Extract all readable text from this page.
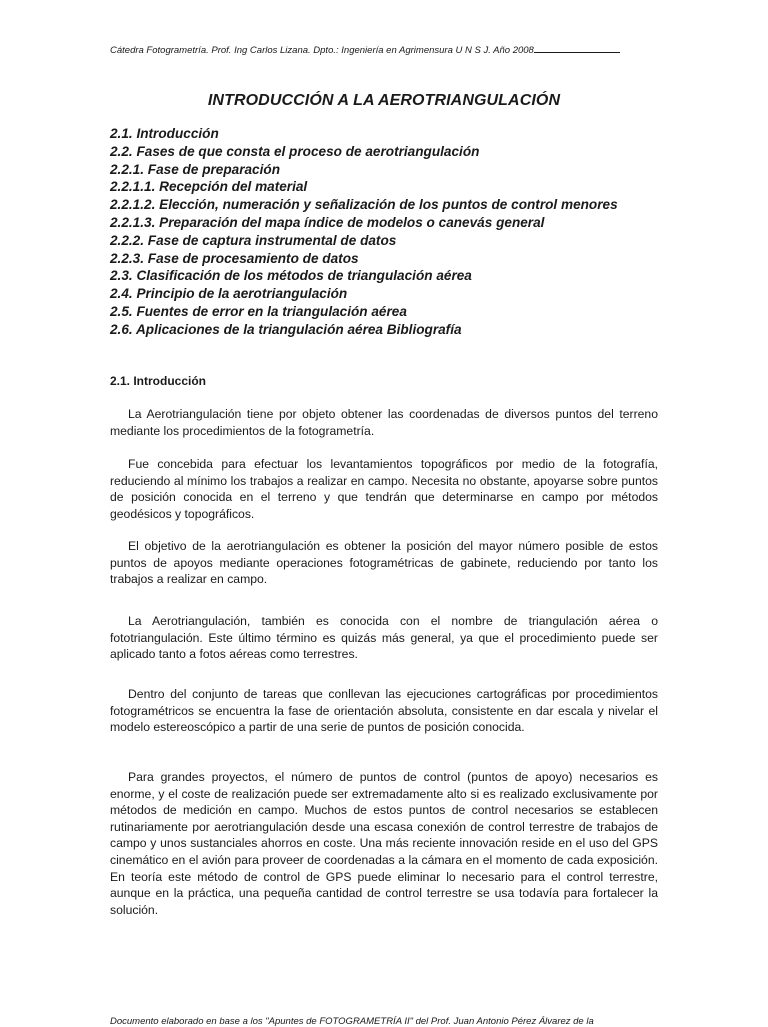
Cátedra Fotogrametría. Prof. Ing Carlos Lizana. Dpto.: Ingeniería en Agrimensura U N S J. Año 2008
INTRODUCCIÓN A LA AEROTRIANGULACIÓN
2.1. Introducción
2.2. Fases de que consta el proceso de aerotriangulación
2.2.1. Fase de preparación
2.2.1.1. Recepción del material
2.2.1.2. Elección, numeración y señalización de los puntos de control menores
2.2.1.3. Preparación del mapa índice de modelos o canevás general
2.2.2. Fase de captura instrumental de datos
2.2.3. Fase de procesamiento de datos
2.3. Clasificación de los métodos de triangulación aérea
2.4. Principio de la aerotriangulación
2.5. Fuentes de error en la triangulación aérea
2.6. Aplicaciones de la triangulación aérea Bibliografía
2.1. Introducción

La Aerotriangulación tiene por objeto obtener las coordenadas de diversos puntos del terreno mediante los procedimientos de la fotogrametría.

Fue concebida para efectuar los levantamientos topográficos por medio de la fotografía, reduciendo al mínimo los trabajos a realizar en campo. Necesita no obstante, apoyarse sobre puntos de posición conocida en el terreno y que tendrán que determinarse en campo por métodos geodésicos y topográficos.

El objetivo de la aerotriangulación es obtener la posición del mayor número posible de estos puntos de apoyos mediante operaciones fotogramétricas de gabinete, reduciendo por tanto los trabajos a realizar en campo.

La Aerotriangulación, también es conocida con el nombre de triangulación aérea o fototriangulación. Este último término es quizás más general, ya que el procedimiento puede ser aplicado tanto a fotos aéreas como terrestres.

Dentro del conjunto de tareas que conllevan las ejecuciones cartográficas por procedimientos fotogramétricos se encuentra la fase de orientación absoluta, consistente en dar escala y nivelar el modelo estereoscópico a partir de una serie de puntos de posición conocida.

Para grandes proyectos, el número de puntos de control (puntos de apoyo) necesarios es enorme, y el coste de realización puede ser extremadamente alto si es realizado exclusivamente por métodos de medición en campo. Muchos de estos puntos de control necesarios se establecen rutinariamente por aerotriangulación desde una escasa conexión de control terrestre de trabajos de campo y unos sustanciales ahorros en coste. Una más reciente innovación reside en el uso del GPS cinemático en el avión para proveer de coordenadas a la cámara en el momento de cada exposición. En teoría este método de control de GPS puede eliminar lo necesario para el control terrestre, aunque en la práctica, una pequeña cantidad de control terrestre se usa todavía para fortalecer la solución.

Documento elaborado en base a los "Apuntes de FOTOGRAMETRÍA II" del Prof. Juan Antonio Pérez Álvarez de la
